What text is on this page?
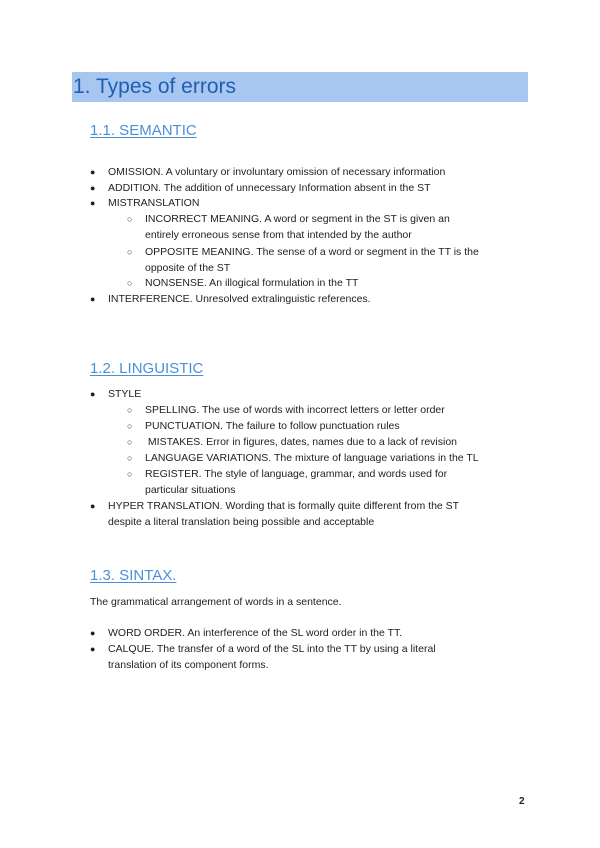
1. Types of errors
1.1. SEMANTIC
● OMISSION. A voluntary or involuntary omission of necessary information
● ADDITION. The addition of unnecessary Information absent in the ST
● MISTRANSLATION
○ INCORRECT MEANING. A word or segment in the ST is given an
entirely erroneous sense from that intended by the author
○ OPPOSITE MEANING. The sense of a word or segment in the TT is the
opposite of the ST
○ NONSENSE. An illogical formulation in the TT
● INTERFERENCE. Unresolved extralinguistic references.
1.2. LINGUISTIC
● STYLE
○ SPELLING. The use of words with incorrect letters or letter order
○ PUNCTUATION. The failure to follow punctuation rules
○ MISTAKES. Error in figures, dates, names due to a lack of revision
○ LANGUAGE VARIATIONS. The mixture of language variations in the TL
○ REGISTER. The style of language, grammar, and words used for
particular situations
● HYPER TRANSLATION. Wording that is formally quite different from the ST
despite a literal translation being possible and acceptable
1.3. SINTAX.
The grammatical arrangement of words in a sentence.
● WORD ORDER. An interference of the SL word order in the TT.
● CALQUE. The transfer of a word of the SL into the TT by using a literal
translation of its component forms.
2
